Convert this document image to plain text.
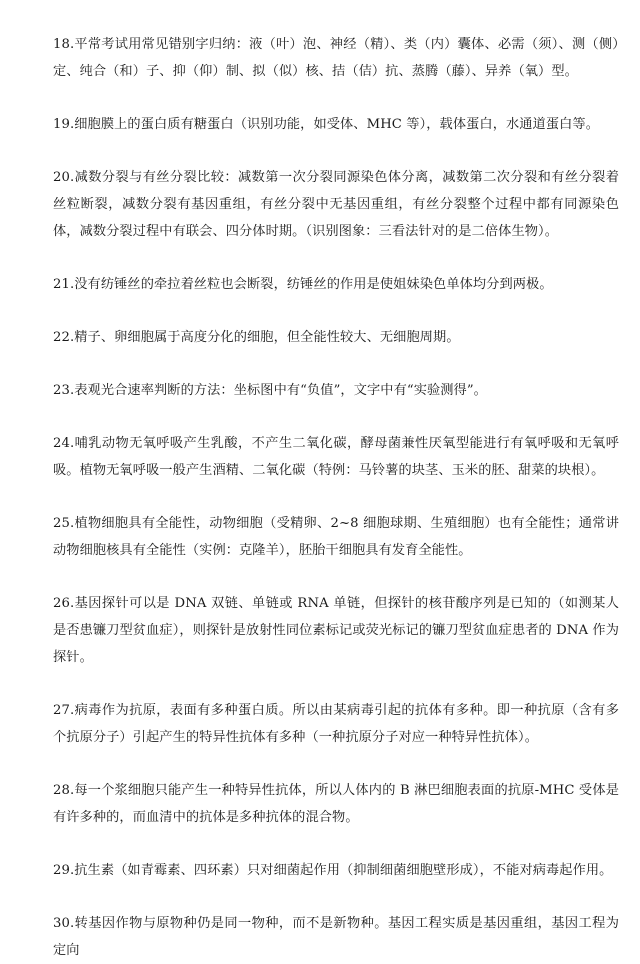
18.平常考试用常见错别字归纳：液（叶）泡、神经（精）、类（内）囊体、必需（须）、测（侧）定、纯合（和）子、抑（仰）制、拟（似）核、拮（佶）抗、蒸腾（藤）、异养（氧）型。

19.细胞膜上的蛋白质有糖蛋白（识别功能，如受体、MHC 等），载体蛋白，水通道蛋白等。

20.减数分裂与有丝分裂比较：减数第一次分裂同源染色体分离，减数第二次分裂和有丝分裂着丝粒断裂，减数分裂有基因重组，有丝分裂中无基因重组，有丝分裂整个过程中都有同源染色体，减数分裂过程中有联会、四分体时期。（识别图象：三看法针对的是二倍体生物）。

21.没有纺锤丝的牵拉着丝粒也会断裂，纺锤丝的作用是使姐妹染色单体均分到两极。

22.精子、卵细胞属于高度分化的细胞，但全能性较大、无细胞周期。

23.表观光合速率判断的方法：坐标图中有“负值”，文字中有“实验测得”。

24.哺乳动物无氧呼吸产生乳酸，不产生二氧化碳，酵母菌兼性厌氧型能进行有氧呼吸和无氧呼吸。植物无氧呼吸一般产生酒精、二氧化碳（特例：马铃薯的块茎、玉米的胚、甜菜的块根）。

25.植物细胞具有全能性，动物细胞（受精卵、2~8 细胞球期、生殖细胞）也有全能性；通常讲动物细胞核具有全能性（实例：克隆羊），胚胎干细胞具有发育全能性。

26.基因探针可以是 DNA 双链、单链或 RNA 单链，但探针的核苷酸序列是已知的（如测某人是否患镰刀型贫血症），则探针是放射性同位素标记或荧光标记的镰刀型贫血症患者的 DNA 作为探针。

27.病毒作为抗原，表面有多种蛋白质。所以由某病毒引起的抗体有多种。即一种抗原（含有多个抗原分子）引起产生的特异性抗体有多种（一种抗原分子对应一种特异性抗体）。

28.每一个浆细胞只能产生一种特异性抗体，所以人体内的 B 淋巴细胞表面的抗原-MHC 受体是有许多种的，而血清中的抗体是多种抗体的混合物。

29.抗生素（如青霉素、四环素）只对细菌起作用（抑制细菌细胞壁形成），不能对病毒起作用。

30.转基因作物与原物种仍是同一物种，而不是新物种。基因工程实质是基因重组，基因工程为定向
